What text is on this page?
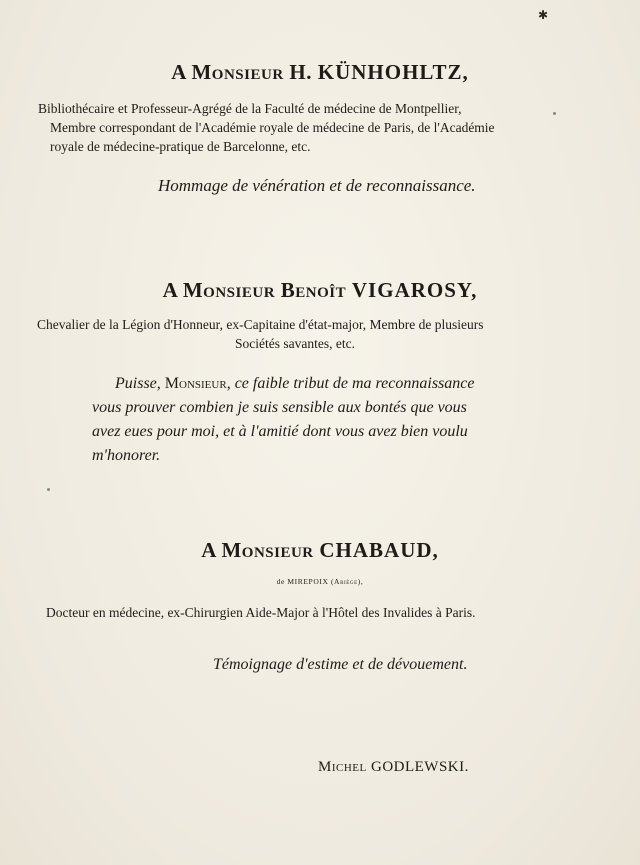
✱
A Monsieur H. KÜNHOHLTZ,
Bibliothécaire et Professeur-Agrégé de la Faculté de médecine de Montpellier,
Membre correspondant de l'Académie royale de médecine de Paris, de l'Académie
royale de médecine-pratique de Barcelonne, etc.
Hommage de vénération et de reconnaissance.
A Monsieur Benoît VIGAROSY,
Chevalier de la Légion d'Honneur, ex-Capitaine d'état-major, Membre de plusieurs
Sociétés savantes, etc.
Puisse, Monsieur, ce faible tribut de ma reconnaissance
vous prouver combien je suis sensible aux bontés que vous
avez eues pour moi, et à l'amitié dont vous avez bien voulu
m'honorer.
A Monsieur CHABAUD,
de MIREPOIX (Ariège),
Docteur en médecine, ex-Chirurgien Aide-Major à l'Hôtel des Invalides à Paris.
Témoignage d'estime et de dévouement.
Michel GODLEWSKI.
